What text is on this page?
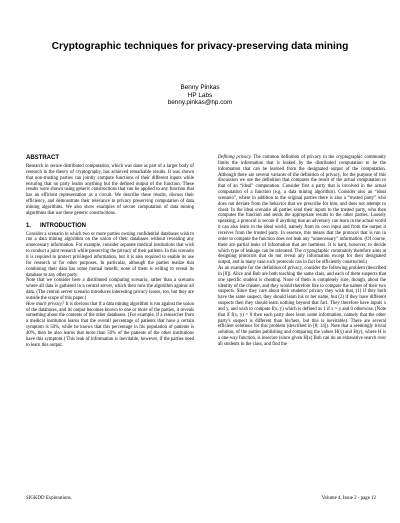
Cryptographic techniques for privacy-preserving data mining
Benny Pinkas
HP Labs
benny.pinkas@hp.com
ABSTRACT

Research in secure distributed computation, which was done as part of a larger body of research in the theory of cryptography, has achieved remarkable results. It was shown that non-trusting parties can jointly compute functions of their different inputs while ensuring that no party learns anything but the defined output of the function. These results were shown using generic constructions that can be applied to any function that has an efficient representation as a circuit. We describe these results, discuss their efficiency, and demonstrate their relevance to privacy preserving computation of data mining algorithms. We also show examples of secure computation of data mining algorithms that use these generic constructions.

1. INTRODUCTION

Consider a scenario in which two or more parties owning confidential databases wish to run a data mining algorithm on the union of their databases without revealing any unnecessary information. For example, consider separate medical institutions that wish to conduct a joint research while preserving the privacy of their patients. In this scenario it is required to protect privileged information, but it is also required to enable its use for research or for other purposes. In particular, although the parties realize that combining their data has some mutual benefit, none of them is willing to reveal its database to any other party.

Note that we consider here a distributed computing scenario, rather than a scenario where all data is gathered in a central server, which then runs the algorithm against all data. (The central server scenario introduces interesting privacy issues, too, but they are outside the scope of this paper.)

How much privacy? It is obvious that if a data mining algorithm is run against the union of the databases, and its output becomes known to one or more of the parties, it reveals something about the contents of the other databases. (For example, if a researcher from a medical institution learns that the overall percentage of patients that have a certain symptom is 50%, while he knows that this percentage in his population of patients is 40%, then he also learns that more than 50% of the patients of the other institutions have this symptom.) This leak of information is inevitable, however, if the parties need to learn this output.

Defining privacy. The common definition of privacy in the cryptographic community limits the information that is leaked by the distributed computation to be the information that can be learned from the designated output of the computation. Although there are several variants of the definition of privacy, for the purpose of this discussion we use the definition that compares the result of the actual computation to that of an “ideal” computation. Consider first a party that is involved in the actual computation of a function (e.g. a data mining algorithm). Consider also an “ideal scenario”, where in addition to the original parties there is also a “trusted party” who does not deviate from the behavior that we prescribe for him, and does not attempt to cheat. In the ideal scenario all parties send their inputs to the trusted party, who then computes the function and sends the appropriate results to the other parties. Loosely speaking, a protocol is secure if anything that an adversary can learn in the actual world it can also learn in the ideal world, namely from its own input and from the output it receives from the trusted party. In essence, this means that the protocol that is run in order to compute the function does not leak any “unnecessary” information. (Of course, there are partial leaks of information that are harmless. It is hard, however, to decide which type of leakage can be tolerated. The cryptographic community therefore aims at designing protocols that do not reveal any information except for their designated output, and in many case such protocols can in fact be efficiently constructed.)

As an example for the definition of privacy, consider the following problem (described in [8]). Alice and Bob are both teaching the same class, and each of them suspects that one specific student is cheating. None of them is completely sure, though, about the identity of the cheater, and they would therefore like to compare the names of their two suspects. Since they care about their students' privacy they wish that, (1) if they both have the same suspect, they should learn his or her name, but (2) if they have different suspects then they should learn nothing beyond that fact. They therefore have inputs x and y, and wish to compute f(x, y) which is defined as 1 if x = y and 0 otherwise. (Note that if f(x, y) = 0 then each party does learn some information, namely that the other party's suspect is different than his/hers, but this is inevitable). There are several efficient solutions for this problem (described in [8; 14]). Note that a seemingly trivial solution, of the parties publishing and comparing the values H(x) and H(y), where H is a one-way function, is insecure (since given H(x) Bob can do an exhaustive search over all students in the class, and find the

SIGKDD Explorations.	Volume 4, Issue 2 - page 12
